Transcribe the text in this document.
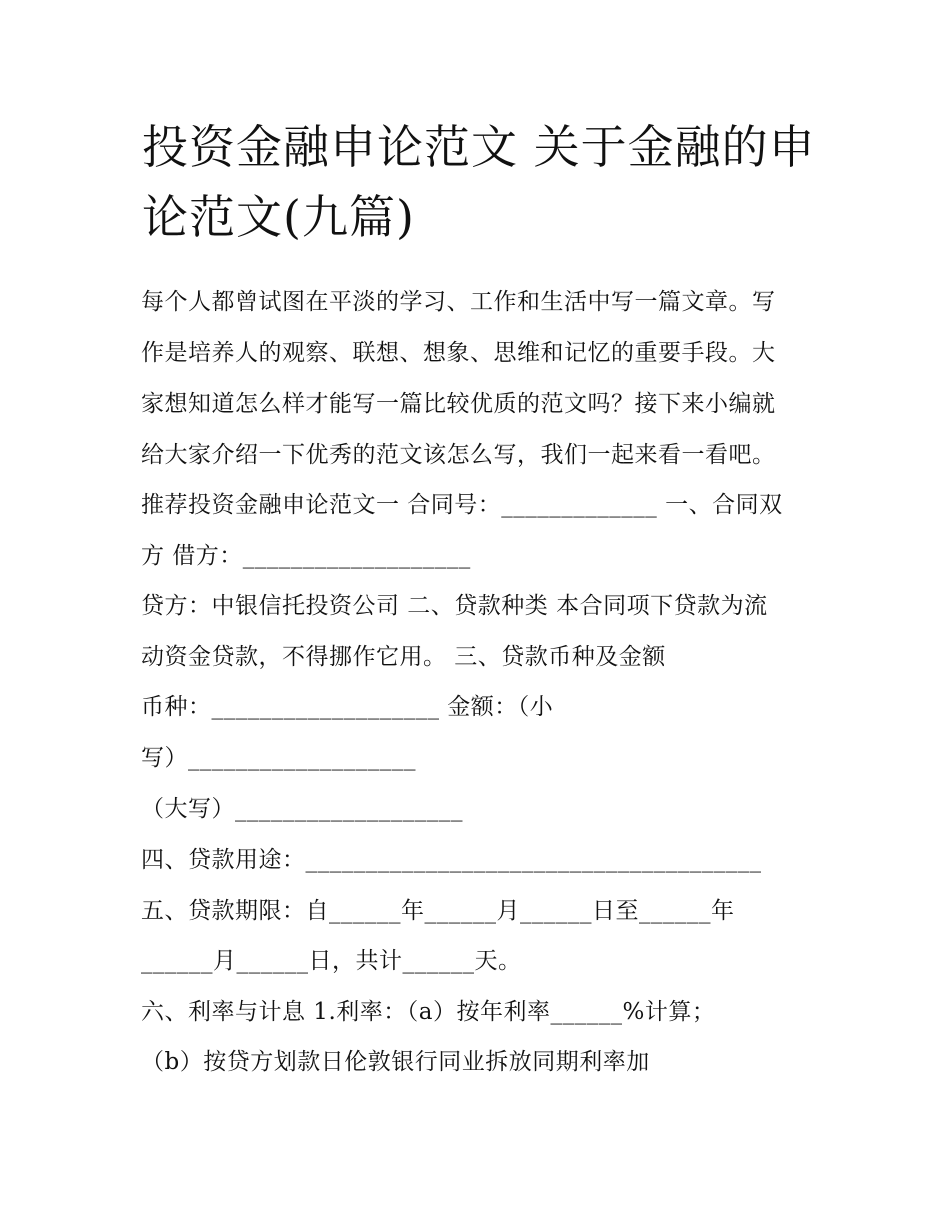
投资金融申论范文 关于金融的申论范文(九篇)
每个人都曾试图在平淡的学习、工作和生活中写一篇文章。写
作是培养人的观察、联想、想象、思维和记忆的重要手段。大
家想知道怎么样才能写一篇比较优质的范文吗？接下来小编就
给大家介绍一下优秀的范文该怎么写，我们一起来看一看吧。
推荐投资金融申论范文一 合同号：_____________ 一、合同双
方 借方：___________________
贷方：中银信托投资公司 二、贷款种类 本合同项下贷款为流
动资金贷款，不得挪作它用。 三、贷款币种及金额
币种：___________________ 金额：（小
写）___________________
（大写）___________________
四、贷款用途：______________________________________
五、贷款期限：自______年______月______日至______年
______月______日，共计______天。
六、利率与计息 1.利率：（a）按年利率______%计算；
（b）按贷方划款日伦敦银行同业拆放同期利率加
